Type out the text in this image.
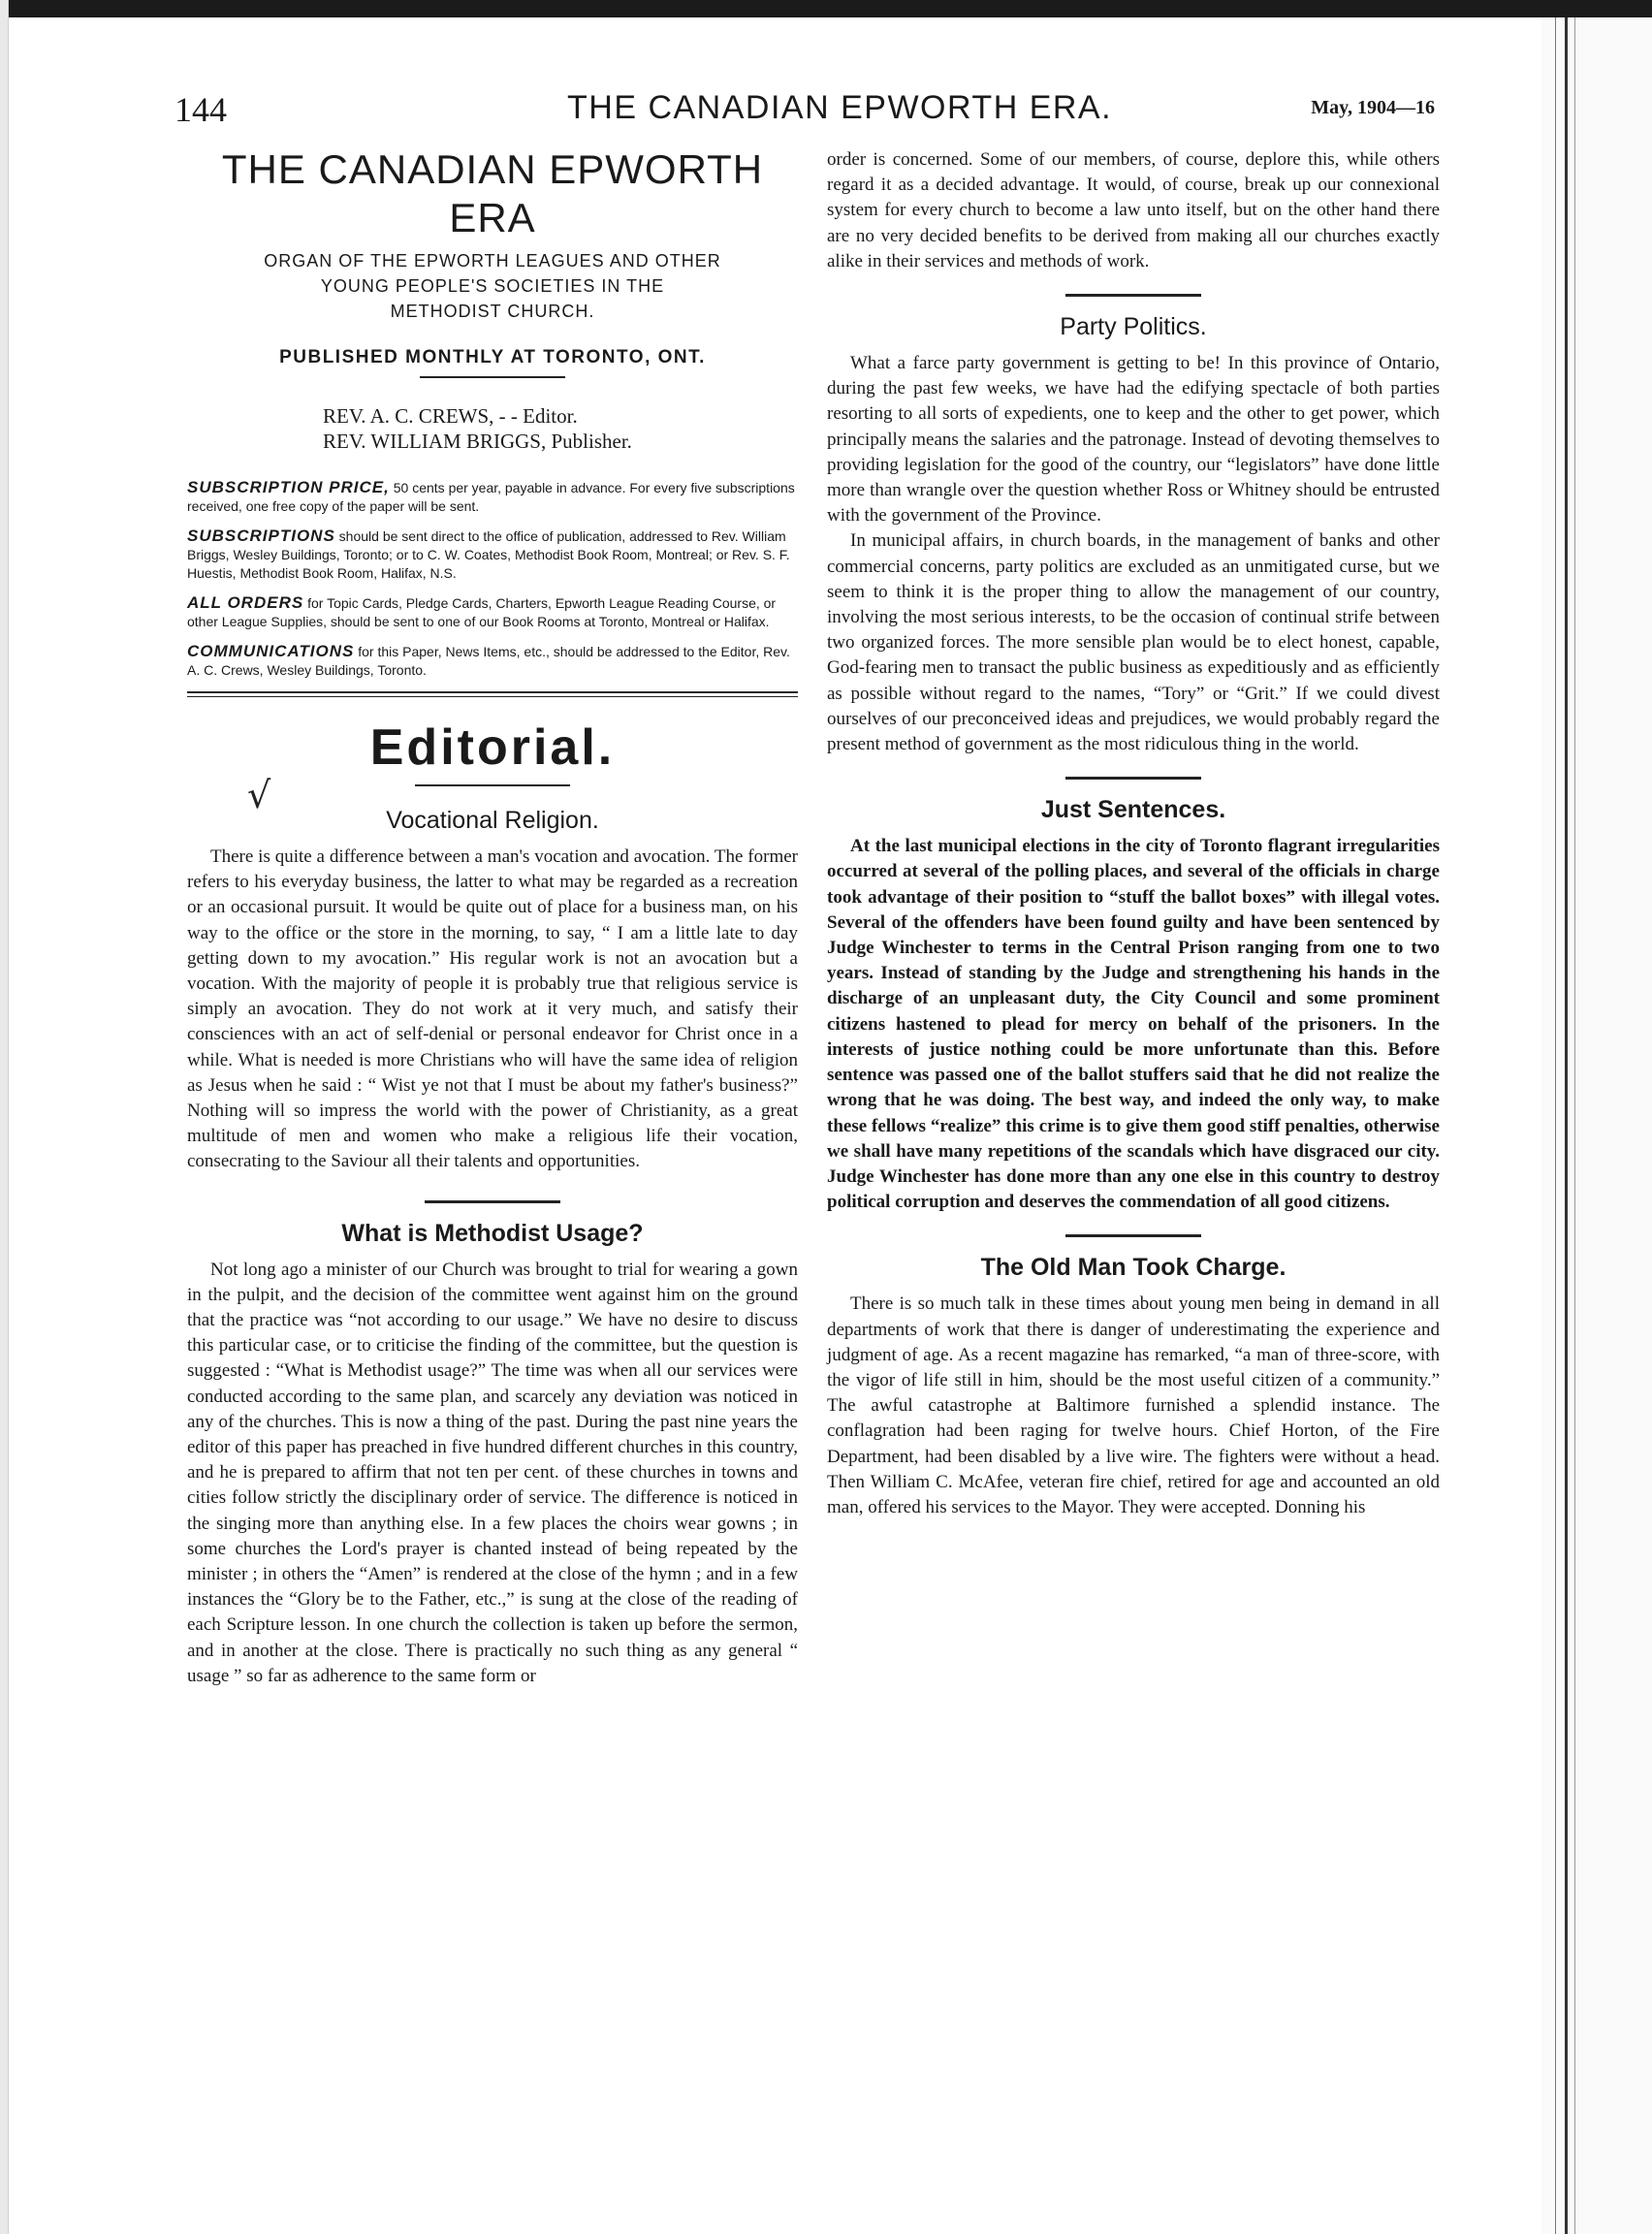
144	THE CANADIAN EPWORTH ERA.	May, 1904—16
THE CANADIAN EPWORTH ERA
ORGAN OF THE EPWORTH LEAGUES AND OTHER
YOUNG PEOPLE'S SOCIETIES IN THE
METHODIST CHURCH.
PUBLISHED MONTHLY AT TORONTO, ONT.
REV. A. C. CREWS, - - Editor.
REV. WILLIAM BRIGGS, Publisher.
SUBSCRIPTION PRICE, 50 cents per year, payable in advance. For every five subscriptions received, one free copy of the paper will be sent.
SUBSCRIPTIONS should be sent direct to the office of publication, addressed to Rev. William Briggs, Wesley Buildings, Toronto; or to C. W. Coates, Methodist Book Room, Montreal; or Rev. S. F. Huestis, Methodist Book Room, Halifax, N.S.
ALL ORDERS for Topic Cards, Pledge Cards, Charters, Epworth League Reading Course, or other League Supplies, should be sent to one of our Book Rooms at Toronto, Montreal or Halifax.
COMMUNICATIONS for this Paper, News Items, etc., should be addressed to the Editor, Rev. A. C. Crews, Wesley Buildings, Toronto.
Editorial.
√
Vocational Religion.

There is quite a difference between a man's vocation and avocation. The former refers to his everyday business, the latter to what may be regarded as a recreation or an occasional pursuit. It would be quite out of place for a business man, on his way to the office or the store in the morning, to say, “ I am a little late to day getting down to my avocation.” His regular work is not an avocation but a vocation. With the majority of people it is probably true that religious service is simply an avocation. They do not work at it very much, and satisfy their consciences with an act of self-denial or personal endeavor for Christ once in a while. What is needed is more Christians who will have the same idea of religion as Jesus when he said : “ Wist ye not that I must be about my father's business?” Nothing will so impress the world with the power of Christianity, as a great multitude of men and women who make a religious life their vocation, consecrating to the Saviour all their talents and opportunities.

What is Methodist Usage?

Not long ago a minister of our Church was brought to trial for wearing a gown in the pulpit, and the decision of the committee went against him on the ground that the practice was “not according to our usage.” We have no desire to discuss this particular case, or to criticise the finding of the committee, but the question is suggested : “What is Methodist usage?” The time was when all our services were conducted according to the same plan, and scarcely any deviation was noticed in any of the churches. This is now a thing of the past. During the past nine years the editor of this paper has preached in five hundred different churches in this country, and he is prepared to affirm that not ten per cent. of these churches in towns and cities follow strictly the disciplinary order of service. The difference is noticed in the singing more than anything else. In a few places the choirs wear gowns ; in some churches the Lord's prayer is chanted instead of being repeated by the minister ; in others the “Amen” is rendered at the close of the hymn ; and in a few instances the “Glory be to the Father, etc.,” is sung at the close of the reading of each Scripture lesson. In one church the collection is taken up before the sermon, and in another at the close. There is practically no such thing as any general “ usage ” so far as adherence to the same form or

order is concerned. Some of our members, of course, deplore this, while others regard it as a decided advantage. It would, of course, break up our connexional system for every church to become a law unto itself, but on the other hand there are no very decided benefits to be derived from making all our churches exactly alike in their services and methods of work.

Party Politics.

What a farce party government is getting to be! In this province of Ontario, during the past few weeks, we have had the edifying spectacle of both parties resorting to all sorts of expedients, one to keep and the other to get power, which principally means the salaries and the patronage. Instead of devoting themselves to providing legislation for the good of the country, our “legislators” have done little more than wrangle over the question whether Ross or Whitney should be entrusted with the government of the Province.

In municipal affairs, in church boards, in the management of banks and other commercial concerns, party politics are excluded as an unmitigated curse, but we seem to think it is the proper thing to allow the management of our country, involving the most serious interests, to be the occasion of continual strife between two organized forces. The more sensible plan would be to elect honest, capable, God-fearing men to transact the public business as expeditiously and as efficiently as possible without regard to the names, “Tory” or “Grit.” If we could divest ourselves of our preconceived ideas and prejudices, we would probably regard the present method of government as the most ridiculous thing in the world.

Just Sentences.

At the last municipal elections in the city of Toronto flagrant irregularities occurred at several of the polling places, and several of the officials in charge took advantage of their position to “stuff the ballot boxes” with illegal votes. Several of the offenders have been found guilty and have been sentenced by Judge Winchester to terms in the Central Prison ranging from one to two years. Instead of standing by the Judge and strengthening his hands in the discharge of an unpleasant duty, the City Council and some prominent citizens hastened to plead for mercy on behalf of the prisoners. In the interests of justice nothing could be more unfortunate than this. Before sentence was passed one of the ballot stuffers said that he did not realize the wrong that he was doing. The best way, and indeed the only way, to make these fellows “realize” this crime is to give them good stiff penalties, otherwise we shall have many repetitions of the scandals which have disgraced our city. Judge Winchester has done more than any one else in this country to destroy political corruption and deserves the commendation of all good citizens.

The Old Man Took Charge.

There is so much talk in these times about young men being in demand in all departments of work that there is danger of underestimating the experience and judgment of age. As a recent magazine has remarked, “a man of three-score, with the vigor of life still in him, should be the most useful citizen of a community.” The awful catastrophe at Baltimore furnished a splendid instance. The conflagration had been raging for twelve hours. Chief Horton, of the Fire Department, had been disabled by a live wire. The fighters were without a head. Then William C. McAfee, veteran fire chief, retired for age and accounted an old man, offered his services to the Mayor. They were accepted. Donning his
